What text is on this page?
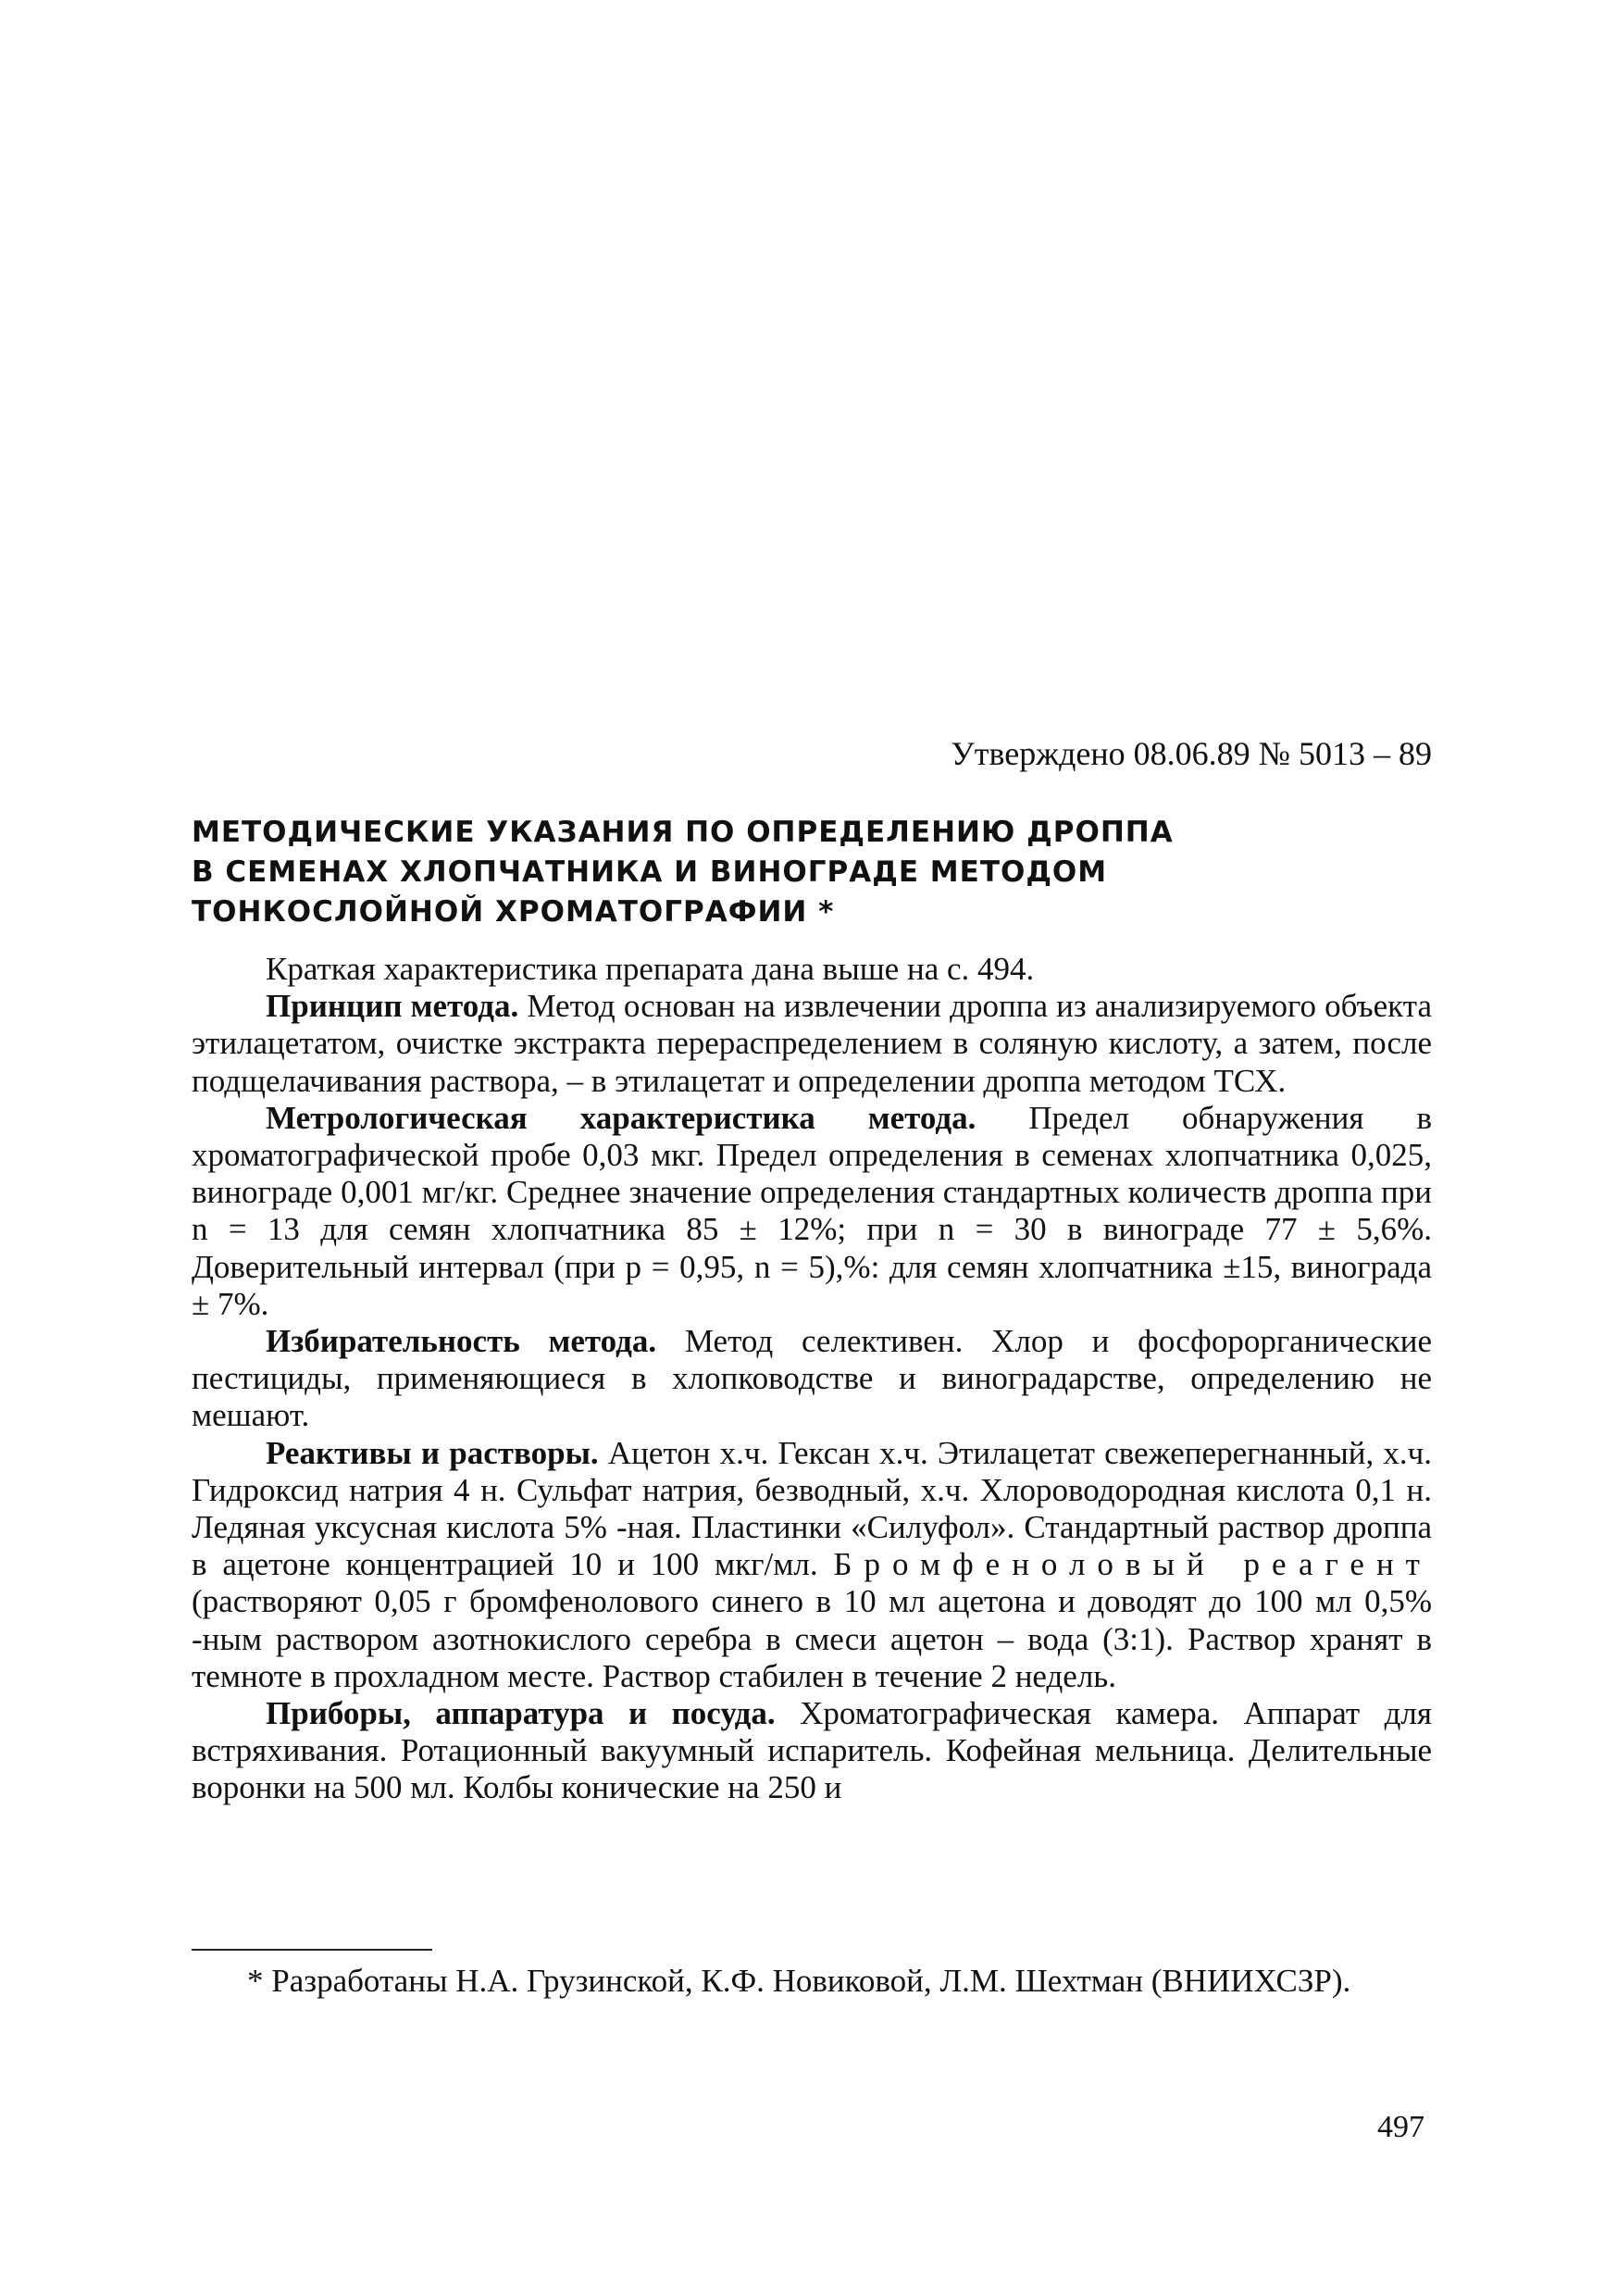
Утверждено 08.06.89 № 5013 – 89
МЕТОДИЧЕСКИЕ УКАЗАНИЯ ПО ОПРЕДЕЛЕНИЮ ДРОППА
В СЕМЕНАХ ХЛОПЧАТНИКА И ВИНОГРАДЕ МЕТОДОМ
ТОНКОСЛОЙНОЙ ХРОМАТОГРАФИИ *

Краткая характеристика препарата дана выше на с. 494.

Принцип метода. Метод основан на извлечении дроппа из анализируемого объекта этилацетатом, очистке экстракта перераспределением в соляную кислоту, а затем, после подщелачивания раствора, – в этилацетат и определении дроппа методом ТСХ.

Метрологическая характеристика метода. Предел обнаружения в хроматографической пробе 0,03 мкг. Предел определения в семенах хлопчатника 0,025, винограде 0,001 мг/кг. Среднее значение определения стандартных количеств дроппа при n = 13 для семян хлопчатника 85 ± 12%; при n = 30 в винограде 77 ± 5,6%. Доверительный интервал (при p = 0,95, n = 5),%: для семян хлопчатника ±15, винограда ± 7%.

Избирательность метода. Метод селективен. Хлор и фосфорорганические пестициды, применяющиеся в хлопководстве и виноградарстве, определению не мешают.

Реактивы и растворы. Ацетон х.ч. Гексан х.ч. Этилацетат свежеперегнанный, х.ч. Гидроксид натрия 4 н. Сульфат натрия, безводный, х.ч. Хлороводородная кислота 0,1 н. Ледяная уксусная кислота 5% -ная. Пластинки «Силуфол». Стандартный раствор дроппа в ацетоне концентрацией 10 и 100 мкг/мл. Бромфеноловый реагент (растворяют 0,05 г бромфенолового синего в 10 мл ацетона и доводят до 100 мл 0,5% -ным раствором азотнокислого серебра в смеси ацетон – вода (3:1). Раствор хранят в темноте в прохладном месте. Раствор стабилен в течение 2 недель.

Приборы, аппаратура и посуда. Хроматографическая камера. Аппарат для встряхивания. Ротационный вакуумный испаритель. Кофейная мельница. Делительные воронки на 500 мл. Колбы конические на 250 и

* Разработаны Н.А. Грузинской, К.Ф. Новиковой, Л.М. Шехтман (ВНИИХСЗР).
497
